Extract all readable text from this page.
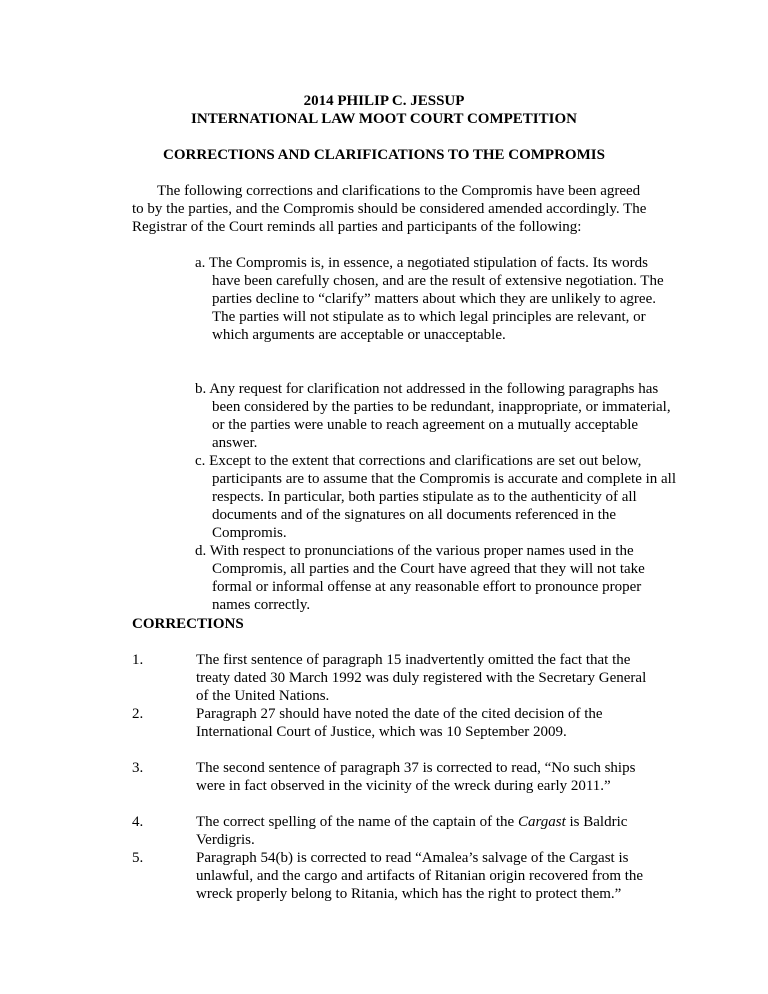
2014 PHILIP C. JESSUP
INTERNATIONAL LAW MOOT COURT COMPETITION

CORRECTIONS AND CLARIFICATIONS TO THE COMPROMIS

The following corrections and clarifications to the Compromis have been agreed to by the parties, and the Compromis should be considered amended accordingly. The Registrar of the Court reminds all parties and participants of the following:

a. The Compromis is, in essence, a negotiated stipulation of facts. Its words have been carefully chosen, and are the result of extensive negotiation. The parties decline to “clarify” matters about which they are unlikely to agree. The parties will not stipulate as to which legal principles are relevant, or which arguments are acceptable or unacceptable.

b. Any request for clarification not addressed in the following paragraphs has been considered by the parties to be redundant, inappropriate, or immaterial, or the parties were unable to reach agreement on a mutually acceptable answer.

c. Except to the extent that corrections and clarifications are set out below, participants are to assume that the Compromis is accurate and complete in all respects. In particular, both parties stipulate as to the authenticity of all documents and of the signatures on all documents referenced in the Compromis.

d. With respect to pronunciations of the various proper names used in the Compromis, all parties and the Court have agreed that they will not take formal or informal offense at any reasonable effort to pronounce proper names correctly.

CORRECTIONS

1.	The first sentence of paragraph 15 inadvertently omitted the fact that the treaty dated 30 March 1992 was duly registered with the Secretary General of the United Nations.
2.	Paragraph 27 should have noted the date of the cited decision of the International Court of Justice, which was 10 September 2009.
3.	The second sentence of paragraph 37 is corrected to read, “No such ships were in fact observed in the vicinity of the wreck during early 2011.”
4.	The correct spelling of the name of the captain of the Cargast is Baldric Verdigris.
5.	Paragraph 54(b) is corrected to read “Amalea’s salvage of the Cargast is unlawful, and the cargo and artifacts of Ritanian origin recovered from the wreck properly belong to Ritania, which has the right to protect them.”
